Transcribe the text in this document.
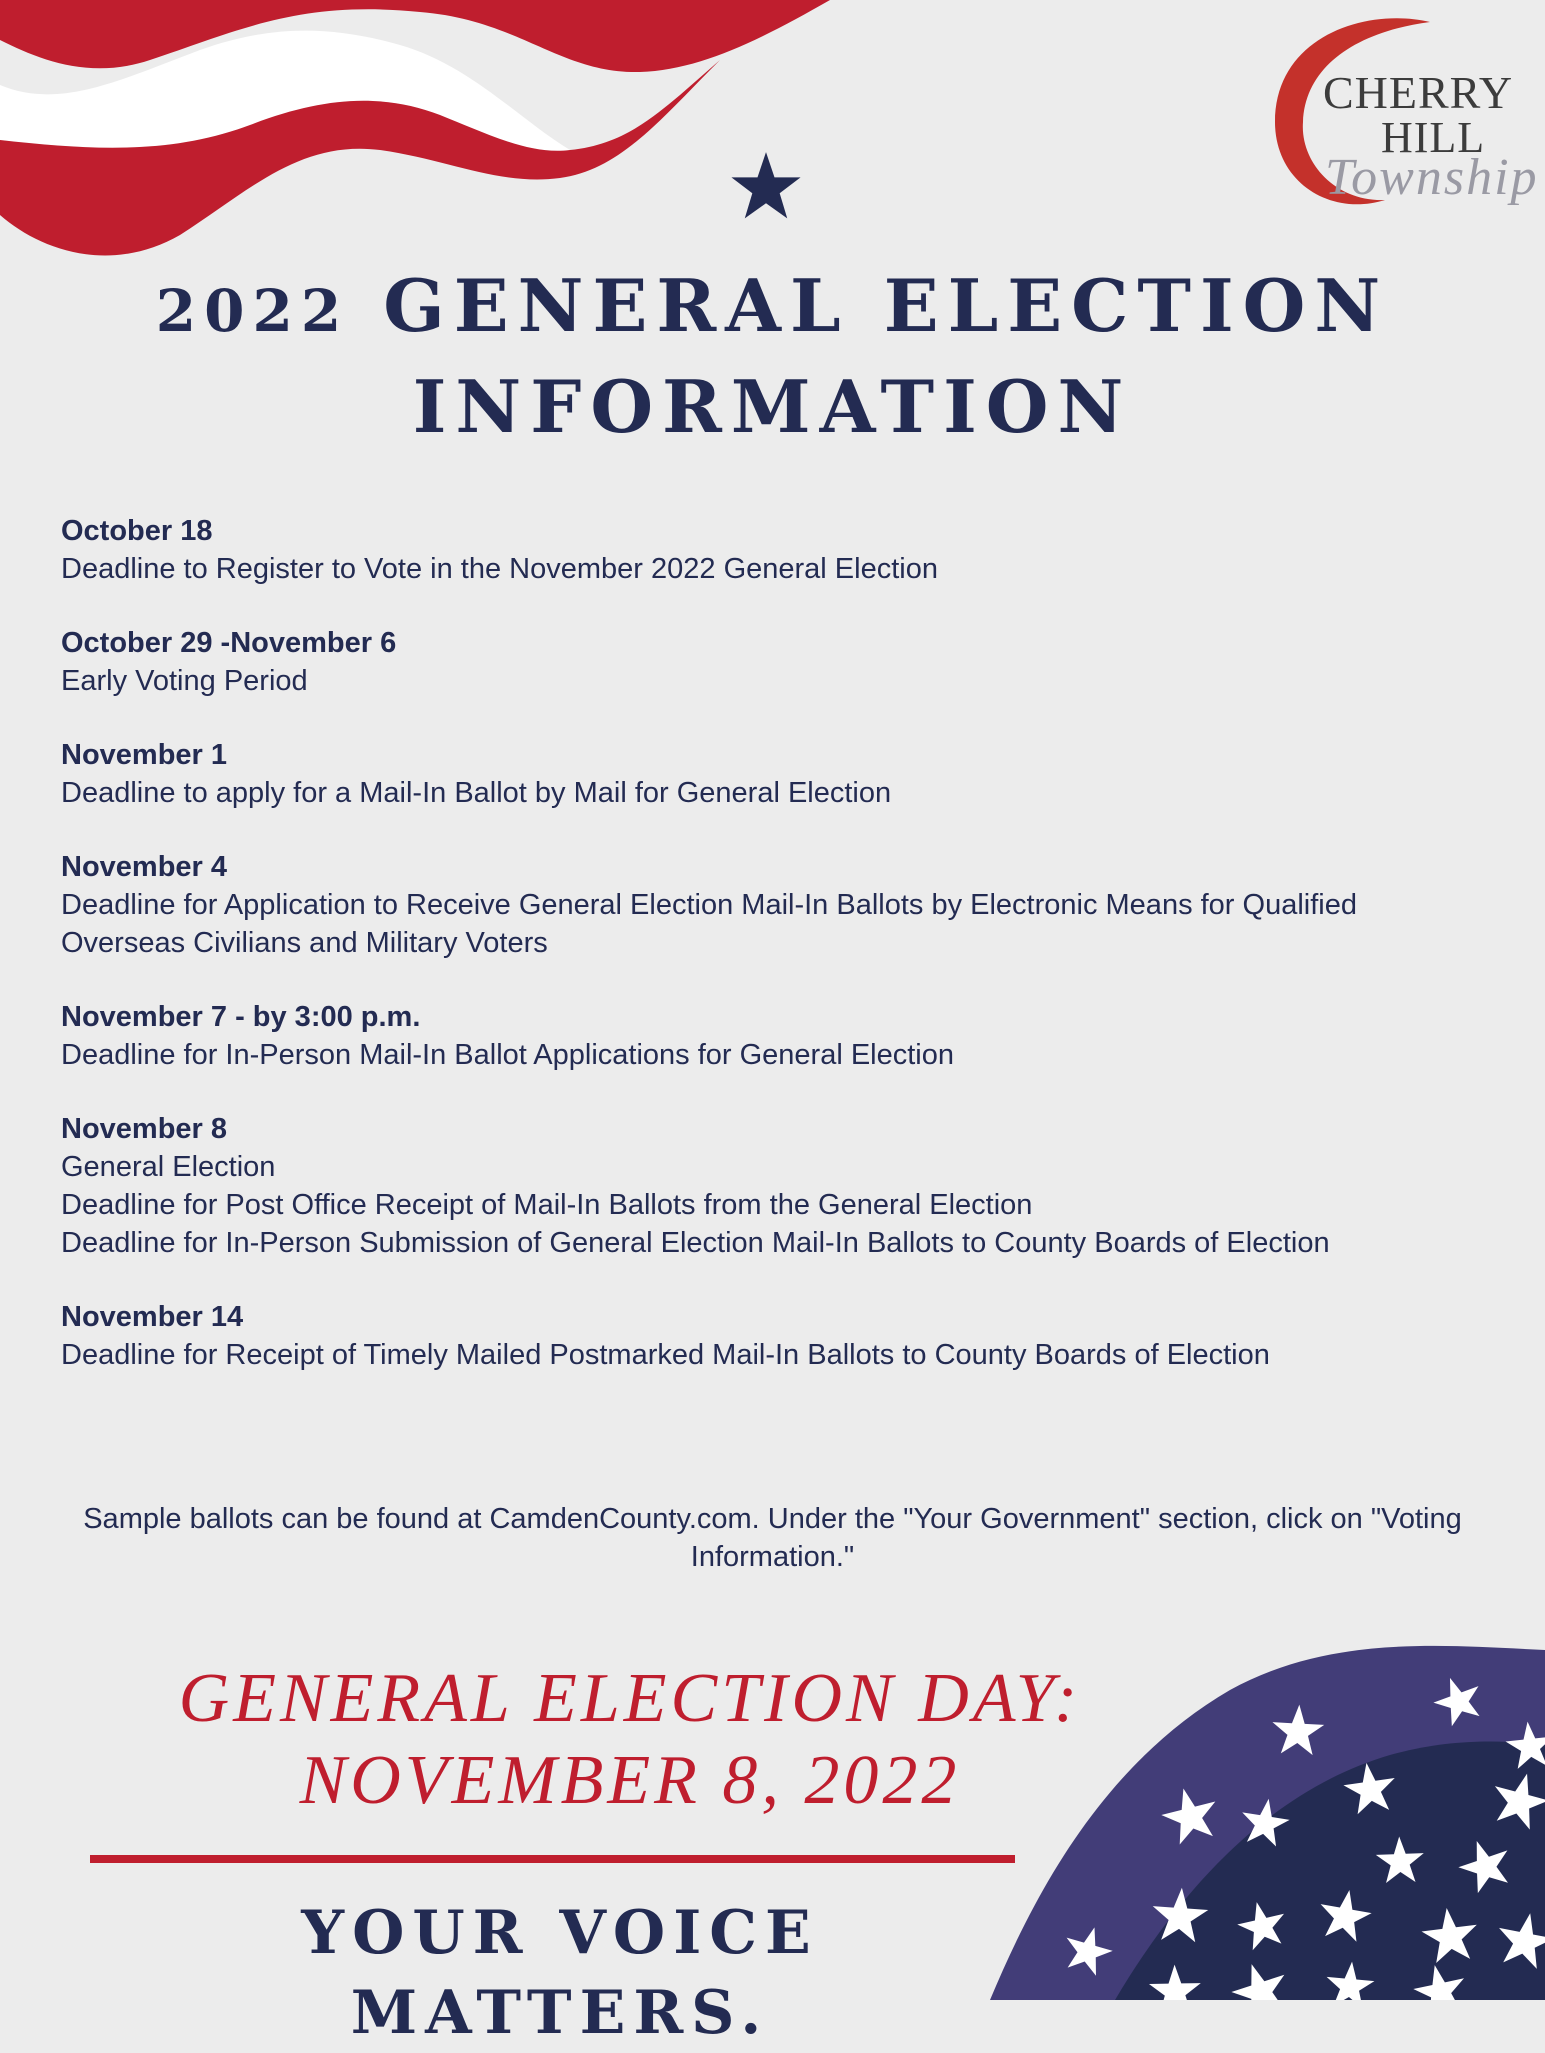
CHERRY
HILL
Township
2022 GENERAL ELECTION
INFORMATION
October 18
Deadline to Register to Vote in the November 2022 General Election
October 29 -November 6
Early Voting Period
November 1
Deadline to apply for a Mail-In Ballot by Mail for General Election
November 4
Deadline for Application to Receive General Election Mail-In Ballots by Electronic Means for Qualified Overseas Civilians and Military Voters
November 7 - by 3:00 p.m.
Deadline for In-Person Mail-In Ballot Applications for General Election
November 8
General Election
Deadline for Post Office Receipt of Mail-In Ballots from the General Election
Deadline for In-Person Submission of General Election Mail-In Ballots to County Boards of Election
November 14
Deadline for Receipt of Timely Mailed Postmarked Mail-In Ballots to County Boards of Election
Sample ballots can be found at CamdenCounty.com. Under the "Your Government" section, click on "Voting Information."
GENERAL ELECTION DAY:
NOVEMBER 8, 2022
YOUR VOICE MATTERS.
